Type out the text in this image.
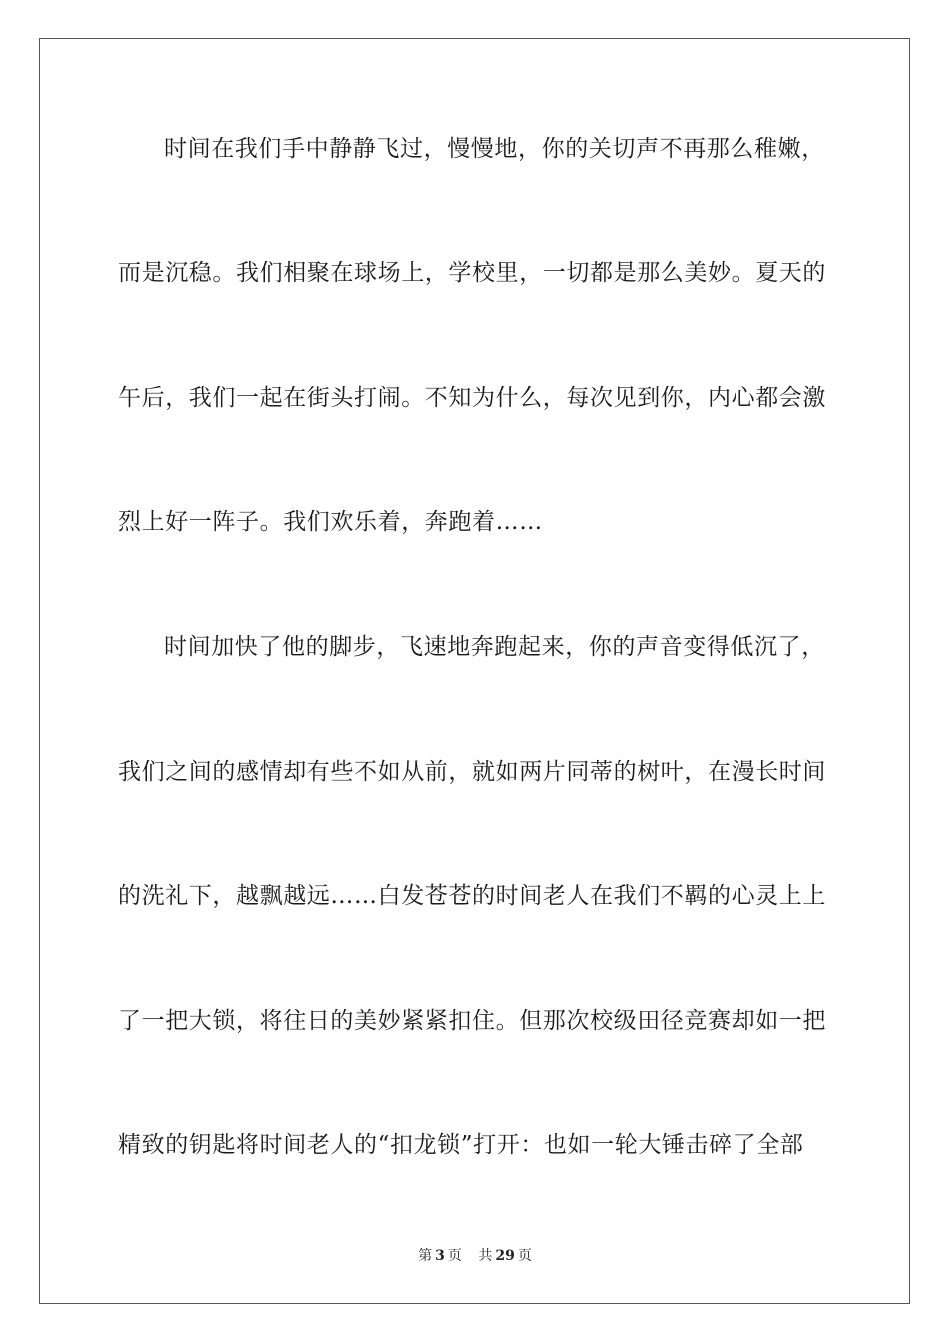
时间在我们手中静静飞过，慢慢地，你的关切声不再那么稚嫩，
而是沉稳。我们相聚在球场上，学校里，一切都是那么美妙。夏天的
午后，我们一起在街头打闹。不知为什么，每次见到你，内心都会激
烈上好一阵子。我们欢乐着，奔跑着……
时间加快了他的脚步，飞速地奔跑起来，你的声音变得低沉了，
我们之间的感情却有些不如从前，就如两片同蒂的树叶，在漫长时间
的洗礼下，越飘越远……白发苍苍的时间老人在我们不羁的心灵上上
了一把大锁，将往日的美妙紧紧扣住。但那次校级田径竞赛却如一把
精致的钥匙将时间老人的“扣龙锁”打开：也如一轮大锤击碎了全部
第 3 页 共 29 页
